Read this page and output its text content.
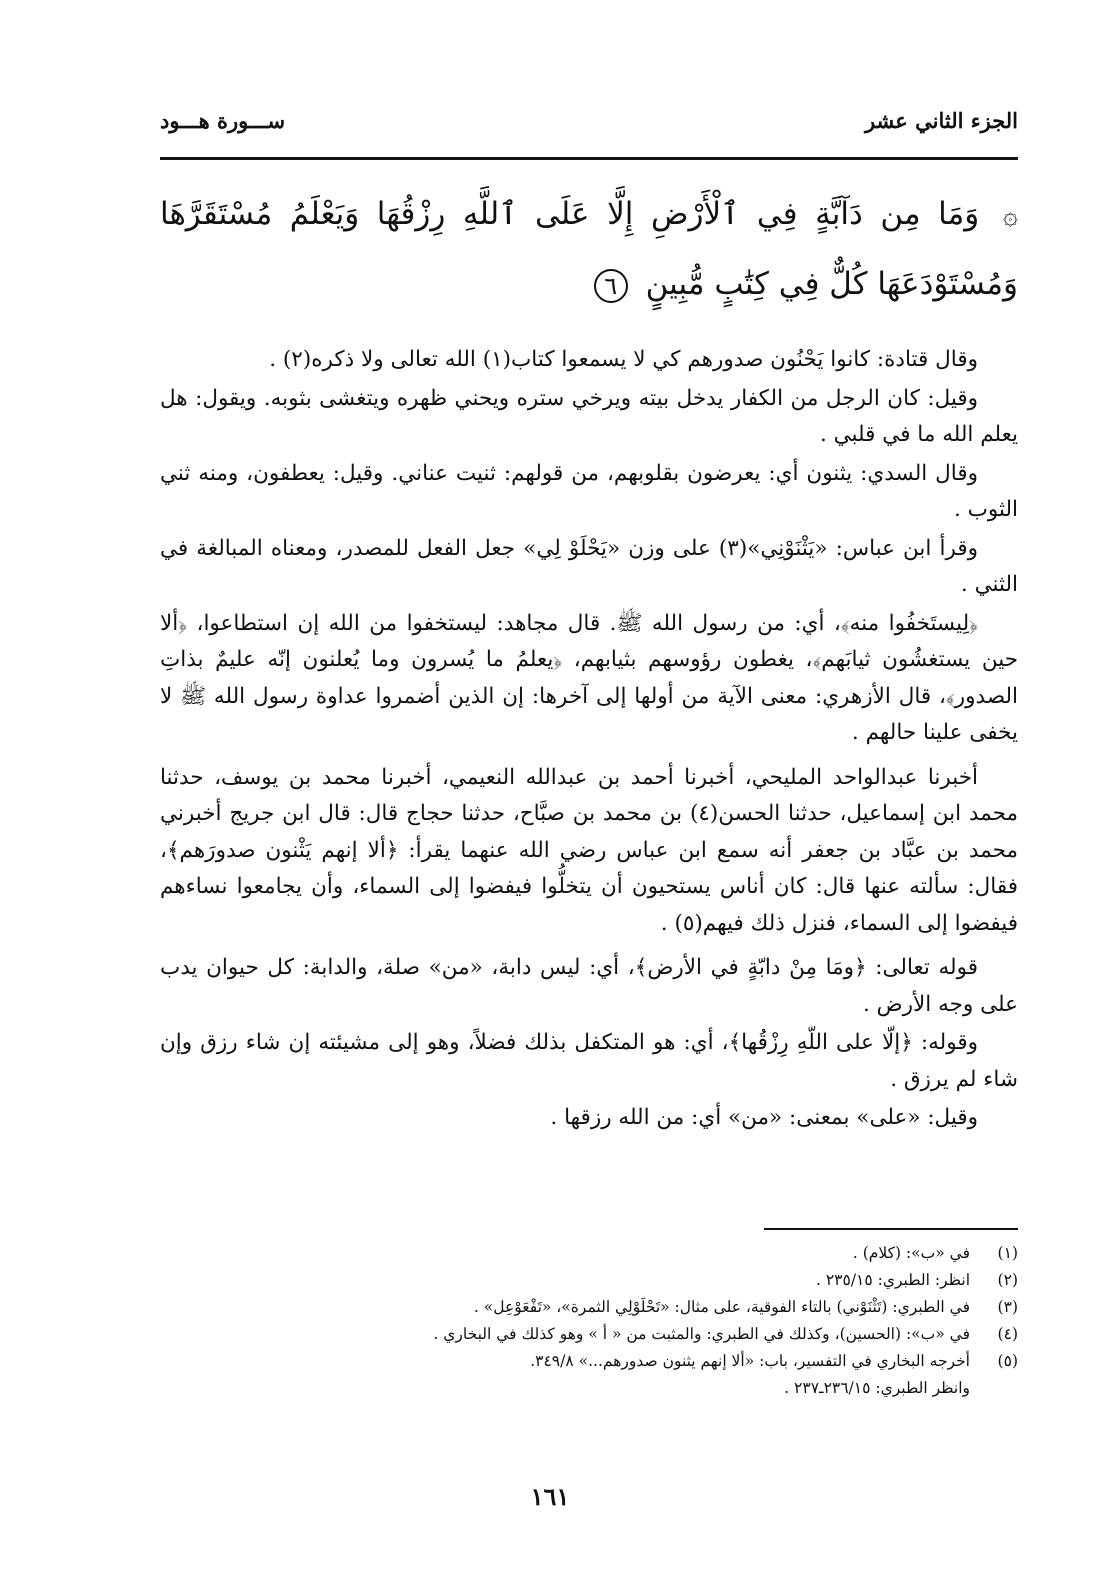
الجزء الثاني عشر
ســـورة هـــود
۞ وَمَا مِن دَآبَّةٍ فِي ٱلْأَرْضِ إِلَّا عَلَى ٱللَّهِ رِزْقُهَا وَيَعْلَمُ مُسْتَقَرَّهَا وَمُسْتَوْدَعَهَا كُلٌّ فِي كِتَٰبٍ مُّبِينٍ ٦

وقال قتادة: كانوا يَحْنُون صدورهم كي لا يسمعوا كتاب(١) الله تعالى ولا ذكره(٢) .

وقيل: كان الرجل من الكفار يدخل بيته ويرخي ستره ويحني ظهره ويتغشى بثوبه. ويقول: هل يعلم الله ما في قلبي .

وقال السدي: يثنون أي: يعرضون بقلوبهم، من قولهم: ثنيت عناني. وقيل: يعطفون، ومنه ثني الثوب .

وقرأ ابن عباس: «يَثْنَوْنِي»(٣) على وزن «يَحْلَوْ لِي» جعل الفعل للمصدر، ومعناه المبالغة في الثني .

﴿لِيستَخفُوا منه﴾، أي: من رسول الله ﷺ. قال مجاهد: ليستخفوا من الله إن استطاعوا، ﴿ألا حين يستغشُون ثيابَهم﴾، يغطون رؤوسهم بثيابهم، ﴿يعلمُ ما يُسرون وما يُعلنون إنّه عليمٌ بذاتِ الصدور﴾، قال الأزهري: معنى الآية من أولها إلى آخرها: إن الذين أضمروا عداوة رسول الله ﷺ لا يخفى علينا حالهم .

أخبرنا عبدالواحد المليحي، أخبرنا أحمد بن عبدالله النعيمي، أخبرنا محمد بن يوسف، حدثنا محمد ابن إسماعيل، حدثنا الحسن(٤) بن محمد بن صبَّاح، حدثنا حجاج قال: قال ابن جريج أخبرني محمد بن عبَّاد بن جعفر أنه سمع ابن عباس رضي الله عنهما يقرأ: ﴿ألا إنهم يَثْنون صدورَهم﴾، فقال: سألته عنها قال: كان أناس يستحيون أن يتخلُّوا فيفضوا إلى السماء، وأن يجامعوا نساءهم فيفضوا إلى السماء، فنزل ذلك فيهم(٥) .

قوله تعالى: ﴿ومَا مِنْ دابّةٍ في الأرض﴾، أي: ليس دابة، «من» صلة، والدابة: كل حيوان يدب على وجه الأرض .

وقوله: ﴿إلّا على اللّهِ رِزْقُها﴾، أي: هو المتكفل بذلك فضلاً، وهو إلى مشيئته إن شاء رزق وإن شاء لم يرزق .

وقيل: «على» بمعنى: «من» أي: من الله رزقها .

(١)
في «ب»: (كلام) .
(٢)
انظر: الطبري: ٢٣٥/١٥ .
(٣)
في الطبري: (تَثْنَوْني) بالتاء الفوقية، على مثال: «تَحْلَوْلِي الثمرة»، «تَفْعَوْعِل» .
(٤)
في «ب»: (الحسين)، وكذلك في الطبري: والمثبت من « أ » وهو كذلك في البخاري .
(٥)
أخرجه البخاري في التفسير، باب: «ألا إنهم يثنون صدورهم...» ٣٤٩/٨.
وانظر الطبري: ٢٣٦/١٥ـ٢٣٧ .
١٦١
